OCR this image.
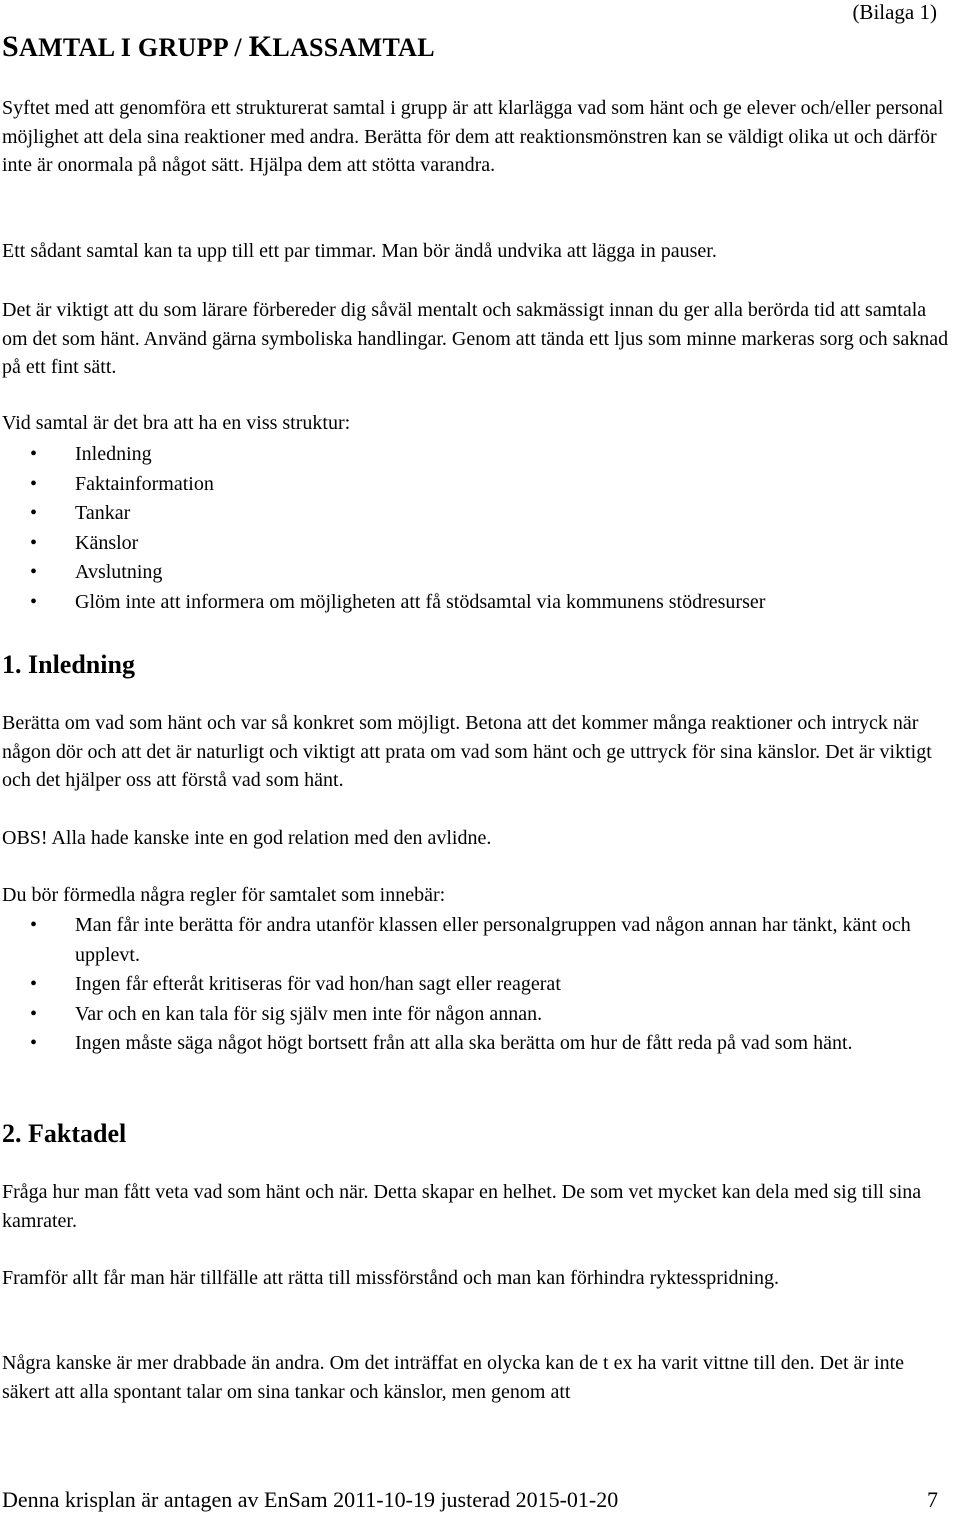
(Bilaga 1)
SAMTAL I GRUPP / KLASSAMTAL

Syftet med att genomföra ett strukturerat samtal i grupp är att klarlägga vad som hänt och ge elever och/eller personal möjlighet att dela sina reaktioner med andra. Berätta för dem att reaktionsmönstren kan se väldigt olika ut och därför inte är onormala på något sätt. Hjälpa dem att stötta varandra.

Ett sådant samtal kan ta upp till ett par timmar. Man bör ändå undvika att lägga in pauser.

Det är viktigt att du som lärare förbereder dig såväl mentalt och sakmässigt innan du ger alla berörda tid att samtala om det som hänt. Använd gärna symboliska handlingar. Genom att tända ett ljus som minne markeras sorg och saknad på ett fint sätt.

Vid samtal är det bra att ha en viss struktur:

• Inledning
• Faktainformation
• Tankar
• Känslor
• Avslutning
• Glöm inte att informera om möjligheten att få stödsamtal via kommunens stödresurser
1. Inledning

Berätta om vad som hänt och var så konkret som möjligt. Betona att det kommer många reaktioner och intryck när någon dör och att det är naturligt och viktigt att prata om vad som hänt och ge uttryck för sina känslor. Det är viktigt och det hjälper oss att förstå vad som hänt.

OBS! Alla hade kanske inte en god relation med den avlidne.

Du bör förmedla några regler för samtalet som innebär:

• Man får inte berätta för andra utanför klassen eller personalgruppen vad någon annan har tänkt, känt och upplevt.
• Ingen får efteråt kritiseras för vad hon/han sagt eller reagerat
• Var och en kan tala för sig själv men inte för någon annan.
• Ingen måste säga något högt bortsett från att alla ska berätta om hur de fått reda på vad som hänt.
2. Faktadel

Fråga hur man fått veta vad som hänt och när. Detta skapar en helhet. De som vet mycket kan dela med sig till sina kamrater.

Framför allt får man här tillfälle att rätta till missförstånd och man kan förhindra ryktesspridning.

Några kanske är mer drabbade än andra. Om det inträffat en olycka kan de t ex ha varit vittne till den. Det är inte säkert att alla spontant talar om sina tankar och känslor, men genom att

Denna krisplan är antagen av EnSam 2011-10-19 justerad 2015-01-20	7
